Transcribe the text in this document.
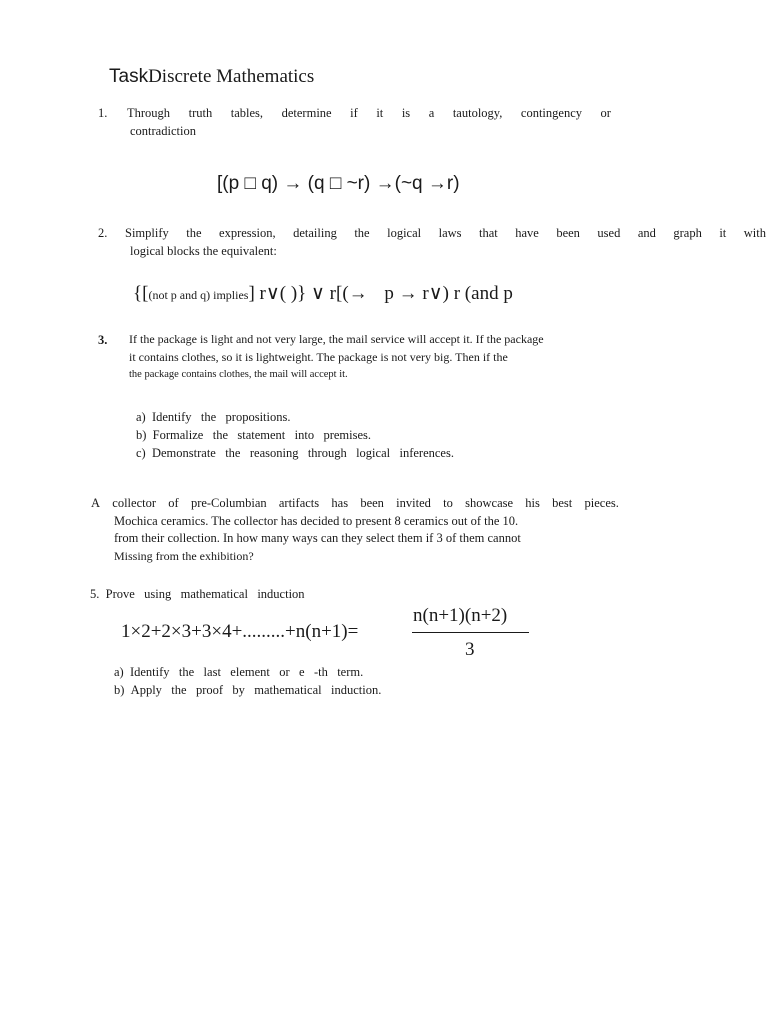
TaskDiscrete Mathematics
1. Through truth tables, determine if it is a tautology, contingency or
contradiction
[(p □ q) → (q □ ~r) →(~q →r)
2. Simplify the expression, detailing the logical laws that have been used and graph it with
logical blocks the equivalent:
{[(not p and q) implies] r∨( )} ∨ r[(→ p → r∨) r (and p
3. If the package is light and not very large, the mail service will accept it. If the package
it contains clothes, so it is lightweight. The package is not very big. Then if the
the package contains clothes, the mail will accept it.
a) Identify   the   propositions.
b) Formalize   the   statement   into   premises.
c) Demonstrate   the   reasoning   through   logical   inferences.
A collector of pre-Columbian artifacts has been invited to showcase his best pieces.
Mochica ceramics. The collector has decided to present 8 ceramics out of the 10.
from their collection. In how many ways can they select them if 3 of them cannot
Missing from the exhibition?
5. Prove   using   mathematical   induction
1×2+2×3+3×4+.........+n(n+1)=
n(n+1)(n+2)
3
a) Identify   the   last   element   or   e   -th   term.
b) Apply   the   proof   by   mathematical   induction.
